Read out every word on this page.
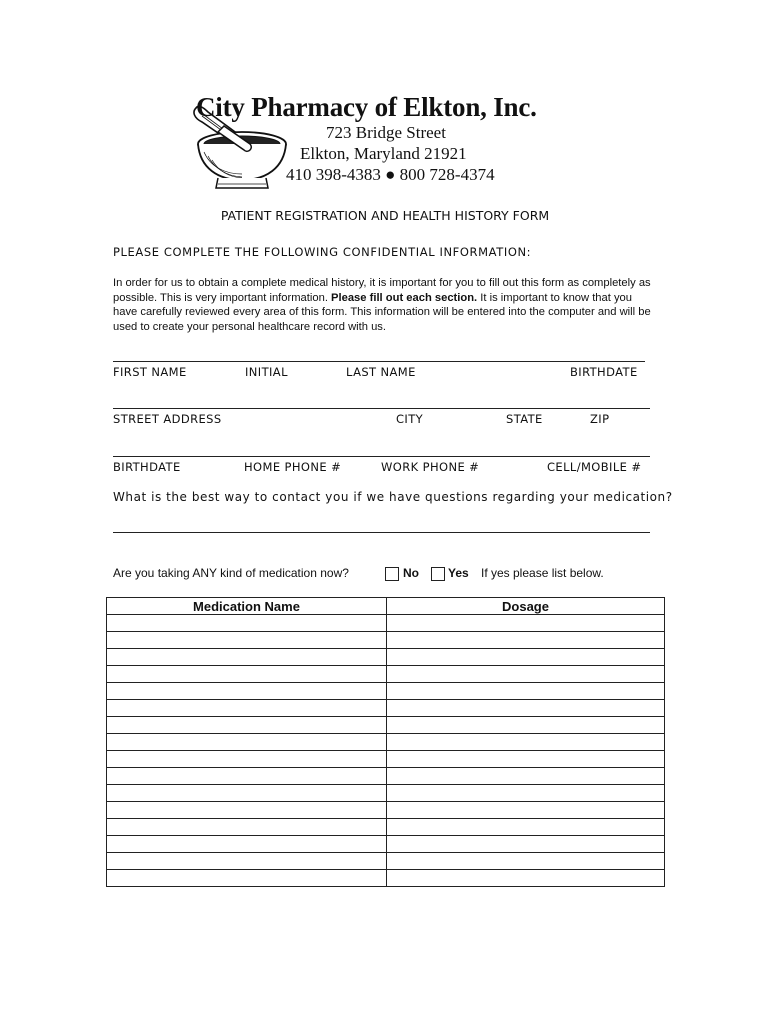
City Pharmacy of Elkton, Inc.
723 Bridge Street
Elkton, Maryland 21921
410 398-4383 ● 800 728-4374
PATIENT REGISTRATION AND HEALTH HISTORY FORM
PLEASE COMPLETE THE FOLLOWING CONFIDENTIAL INFORMATION:
In order for us to obtain a complete medical history, it is important for you to fill out this form as completely as possible. This is very important information. Please fill out each section. It is important to know that you have carefully reviewed every area of this form. This information will be entered into the computer and will be used to create your personal healthcare record with us.
FIRST NAME	INITIAL	LAST NAME	BIRTHDATE
STREET ADDRESS	CITY	STATE	ZIP
BIRTHDATE	HOME PHONE #	WORK PHONE #	CELL/MOBILE #
What is the best way to contact you if we have questions regarding your medication?
Are you taking ANY kind of medication now?	No Yes If yes please list below.
Medication Name	Dosage
